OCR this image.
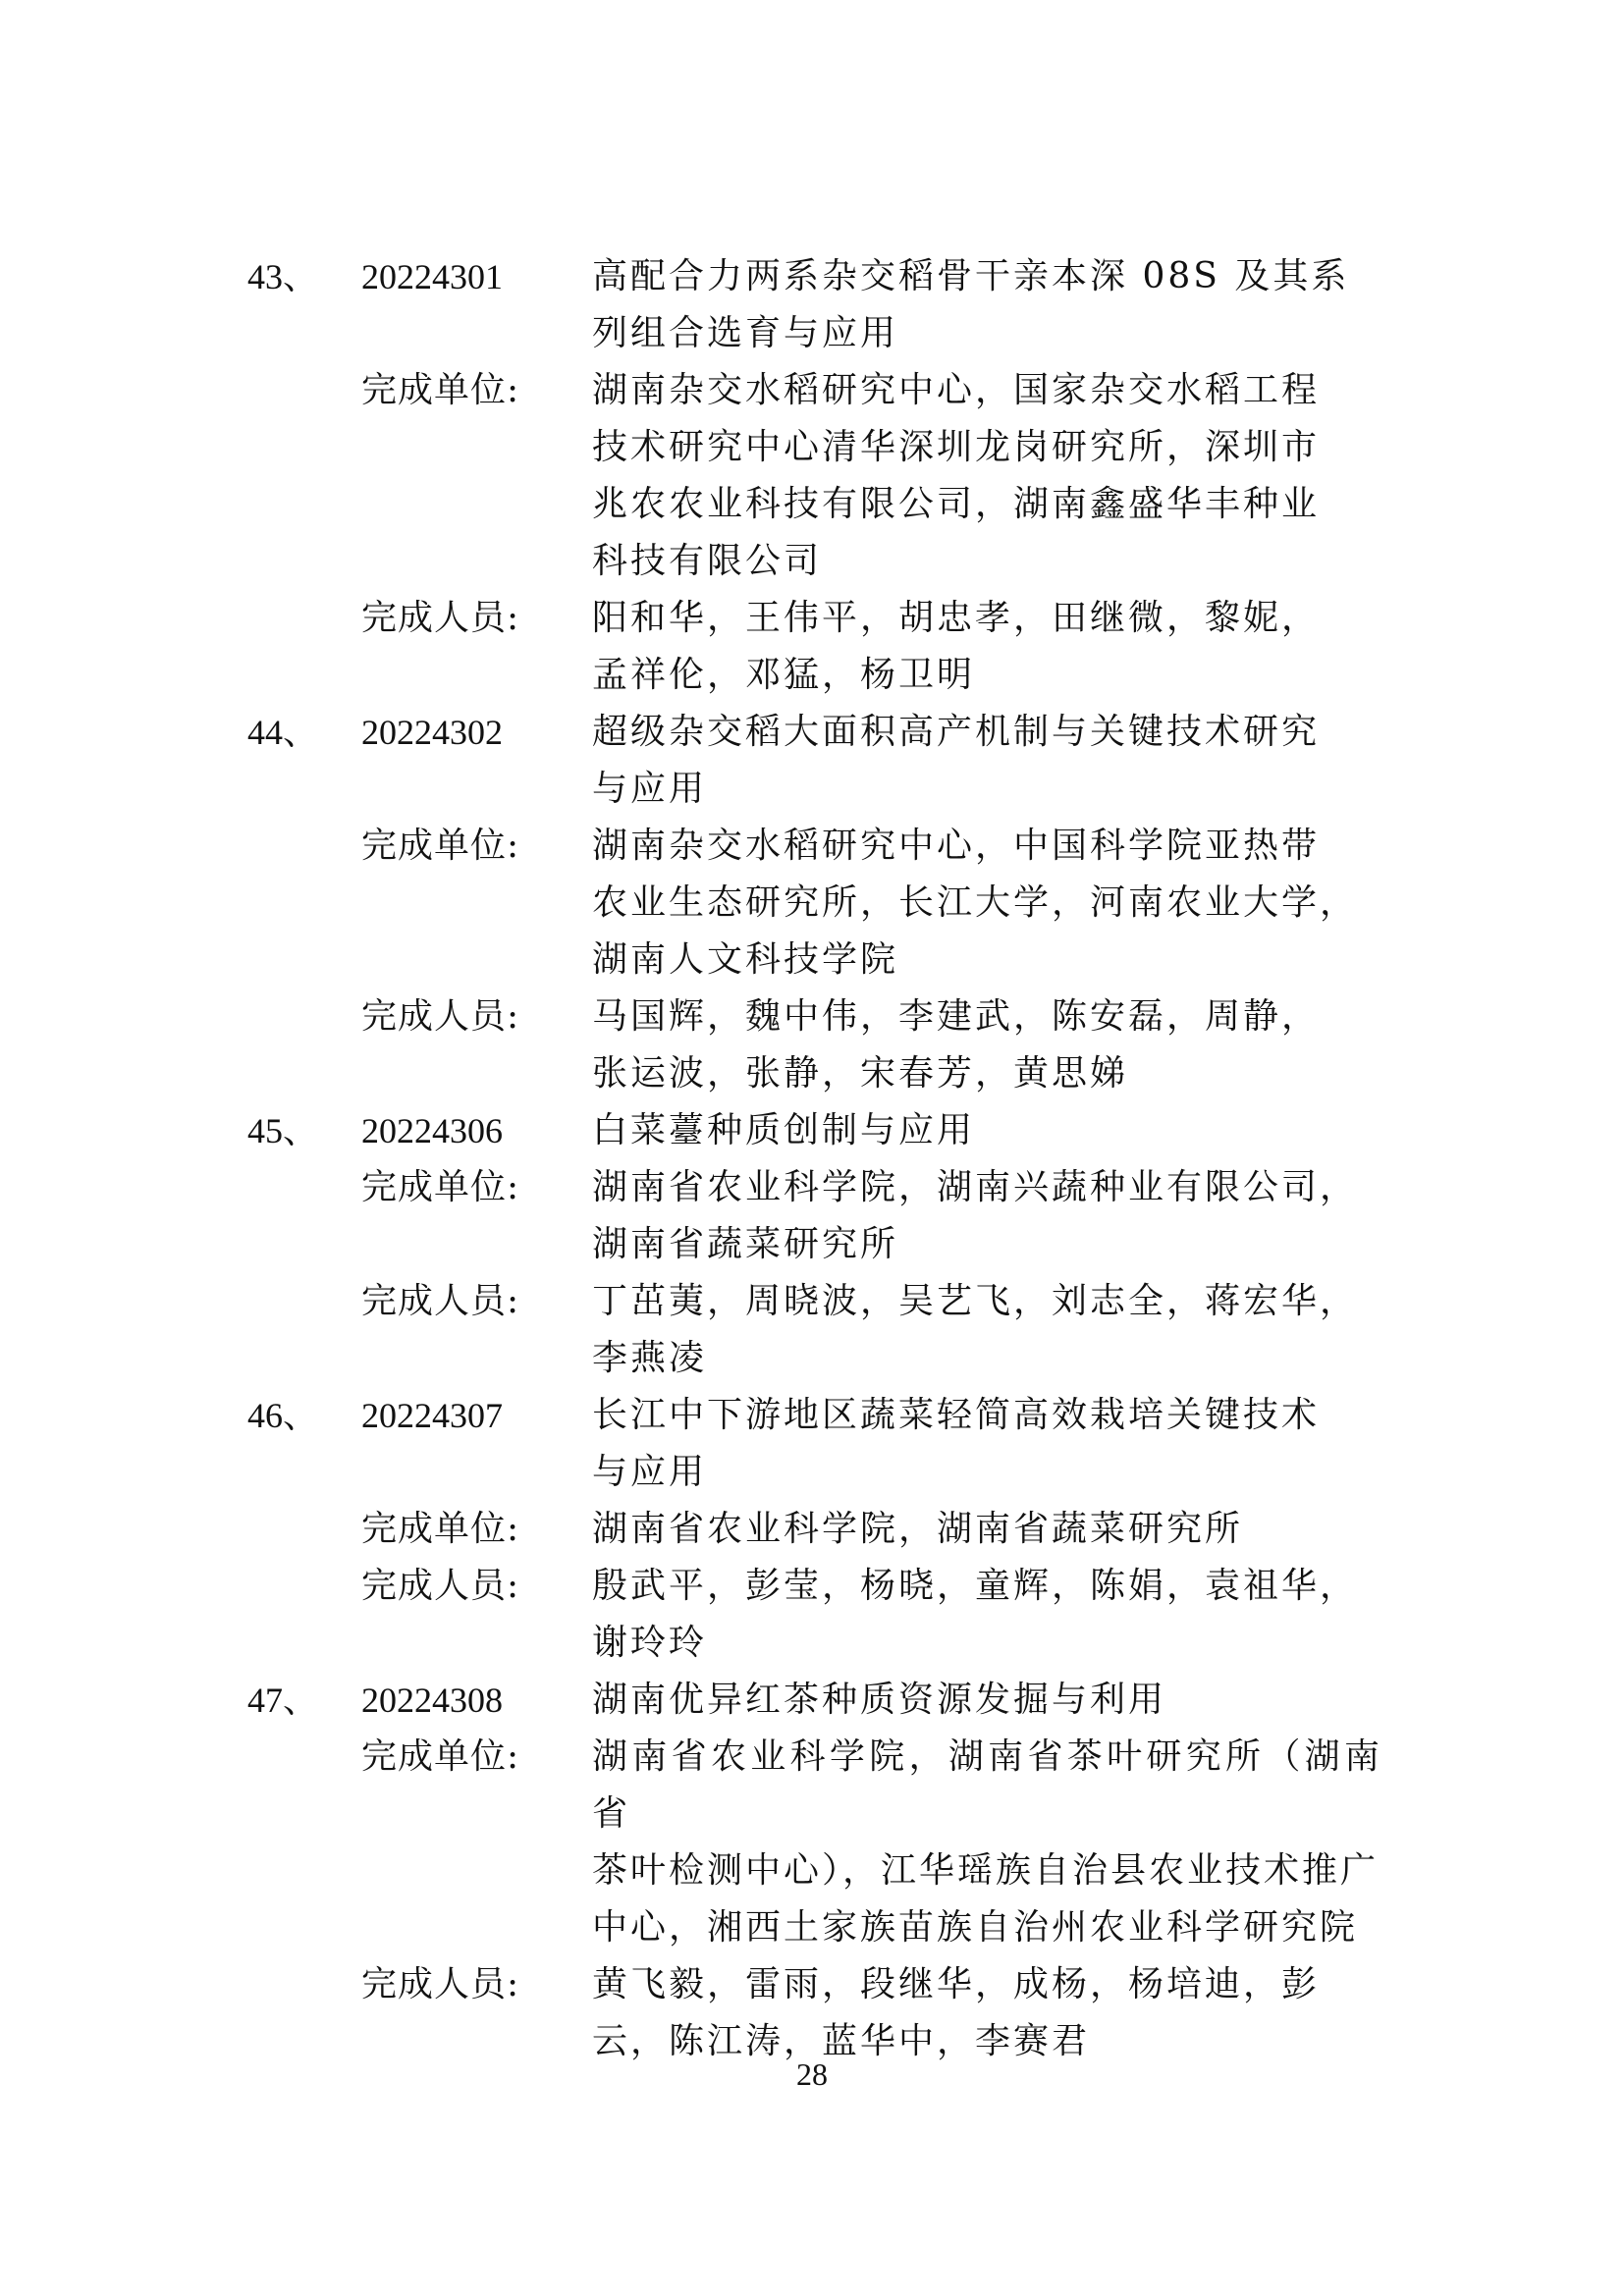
43、	20224301	高配合力两系杂交稻骨干亲本深 08S 及其系
列组合选育与应用
完成单位: 湖南杂交水稻研究中心，国家杂交水稻工程
技术研究中心清华深圳龙岗研究所，深圳市
兆农农业科技有限公司，湖南鑫盛华丰种业
科技有限公司
完成人员: 阳和华，王伟平，胡忠孝，田继微，黎妮，
孟祥伦，邓猛，杨卫明
44、	20224302	超级杂交稻大面积高产机制与关键技术研究
与应用
完成单位: 湖南杂交水稻研究中心，中国科学院亚热带
农业生态研究所，长江大学，河南农业大学，
湖南人文科技学院
完成人员: 马国辉，魏中伟，李建武，陈安磊，周静，
张运波，张静，宋春芳，黄思娣
45、	20224306	白菜薹种质创制与应用
完成单位: 湖南省农业科学院，湖南兴蔬种业有限公司，
湖南省蔬菜研究所
完成人员: 丁茁荑，周晓波，吴艺飞，刘志全，蒋宏华，
李燕凌
46、	20224307	长江中下游地区蔬菜轻简高效栽培关键技术
与应用
完成单位: 湖南省农业科学院，湖南省蔬菜研究所
完成人员: 殷武平，彭莹，杨晓，童辉，陈娟，袁祖华，
谢玲玲
47、	20224308	湖南优异红茶种质资源发掘与利用
完成单位: 湖南省农业科学院，湖南省茶叶研究所（湖南省
茶叶检测中心），江华瑶族自治县农业技术推广
中心，湘西土家族苗族自治州农业科学研究院
完成人员: 黄飞毅，雷雨，段继华，成杨，杨培迪，彭
云，陈江涛，蓝华中，李赛君
28
